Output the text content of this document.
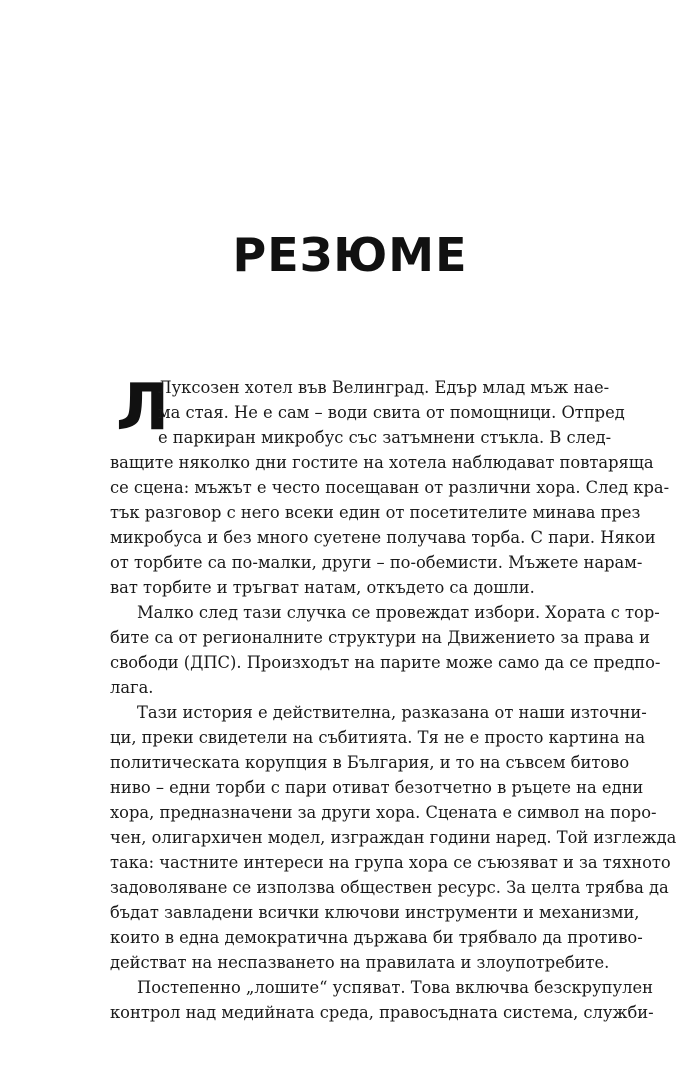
РЕЗЮМЕ
Л
Луксозен хотел във Велинград. Едър млад мъж нае-
ма стая. Не е сам – води свита от помощници. Отпред
е паркиран микробус със затъмнени стъкла. В след-
ващите няколко дни гостите на хотела наблюдават повтаряща
се сцена: мъжът е често посещаван от различни хора. След кра-
тък разговор с него всеки един от посетителите минава през
микробуса и без много суетене получава торба. С пари. Някои
от торбите са по-малки, други – по-обемисти. Мъжете нарам-
ват торбите и тръгват натам, откъдето са дошли.
Малко след тази случка се провеждат избори. Хората с тор-
бите са от регионалните структури на Движението за права и
свободи (ДПС). Произходът на парите може само да се предпо-
лага.
Тази история е действителна, разказана от наши източни-
ци, преки свидетели на събитията. Тя не е просто картина на
политическата корупция в България, и то на съвсем битово
ниво – едни торби с пари отиват безотчетно в ръцете на едни
хора, предназначени за други хора. Сцената е символ на поро-
чен, олигархичен модел, изграждан години наред. Той изглежда
така: частните интереси на група хора се съюзяват и за тяхното
задоволяване се използва обществен ресурс. За целта трябва да
бъдат завладени всички ключови инструменти и механизми,
които в една демократична държава би трябвало да противо-
действат на неспазването на правилата и злоупотребите.
Постепенно „лошите“ успяват. Това включва безскрупулен
контрол над медийната среда, правосъдната система, служби-
